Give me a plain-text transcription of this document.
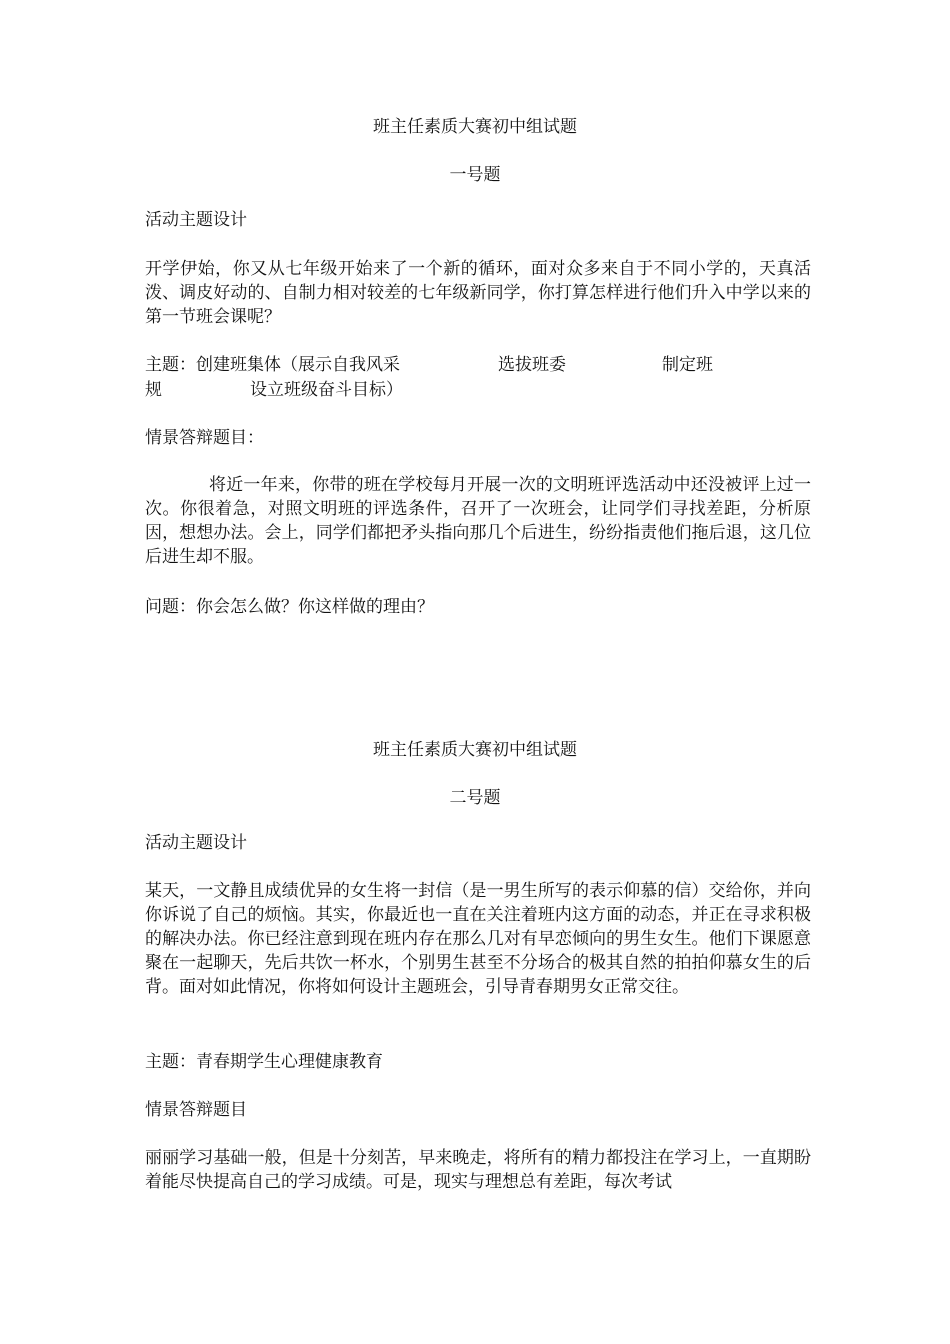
班主任素质大赛初中组试题
一号题

活动主题设计

开学伊始，你又从七年级开始来了一个新的循环，面对众多来自于不同小学的，天真活泼、调皮好动的、自制力相对较差的七年级新同学，你打算怎样进行他们升入中学以来的第一节班会课呢？

主题：创建班集体（展示自我风采	选拔班委	制定班
规	设立班级奋斗目标）

情景答辩题目：

将近一年来，你带的班在学校每月开展一次的文明班评选活动中还没被评上过一次。你很着急，对照文明班的评选条件，召开了一次班会，让同学们寻找差距，分析原因，想想办法。会上，同学们都把矛头指向那几个后进生，纷纷指责他们拖后退，这几位后进生却不服。

问题：你会怎么做？你这样做的理由？

班主任素质大赛初中组试题
二号题

活动主题设计

某天，一文静且成绩优异的女生将一封信（是一男生所写的表示仰慕的信）交给你，并向你诉说了自己的烦恼。其实，你最近也一直在关注着班内这方面的动态，并正在寻求积极的解决办法。你已经注意到现在班内存在那么几对有早恋倾向的男生女生。他们下课愿意聚在一起聊天，先后共饮一杯水，个别男生甚至不分场合的极其自然的拍拍仰慕女生的后背。面对如此情况，你将如何设计主题班会，引导青春期男女正常交往。

主题：青春期学生心理健康教育

情景答辩题目

丽丽学习基础一般，但是十分刻苦，早来晚走，将所有的精力都投注在学习上，一直期盼着能尽快提高自己的学习成绩。可是，现实与理想总有差距，每次考试
